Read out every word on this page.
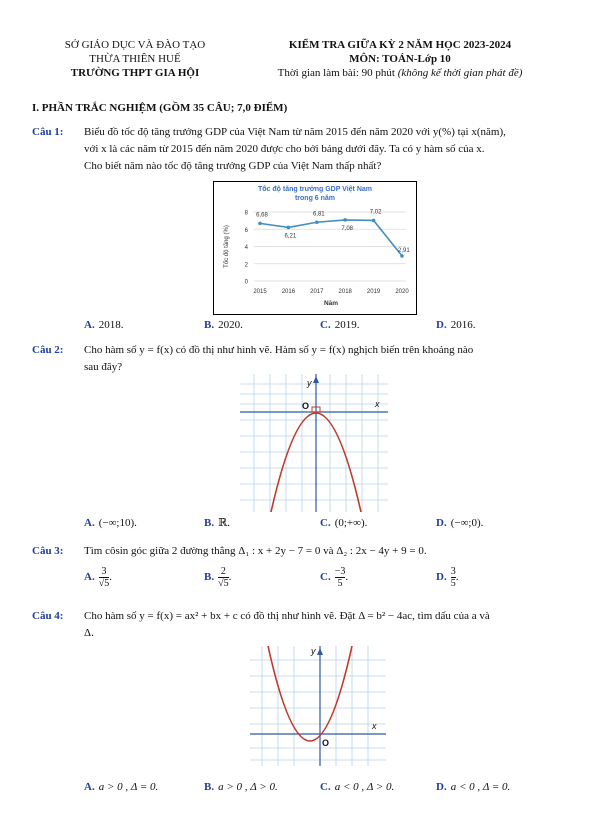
SỞ GIÁO DỤC VÀ ĐÀO TẠO
THỪA THIÊN HUẾ
TRƯỜNG THPT GIA HỘI
KIỂM TRA GIỮA KỲ 2 NĂM HỌC 2023-2024
MÔN: TOÁN-Lớp 10
Thời gian làm bài: 90 phút (không kể thời gian phát đề)
I. PHẦN TRẮC NGHIỆM (GỒM 35 CÂU; 7,0 ĐIỂM)
Câu 1: Biểu đồ tốc độ tăng trưởng GDP của Việt Nam từ năm 2015 đến năm 2020 với y(%) tại x(năm),
với x là các năm từ 2015 đến năm 2020 được cho bởi bảng dưới đây. Ta có y hàm số của x.
Cho biết năm nào tốc độ tăng trưởng GDP của Việt Nam thấp nhất?
Tốc độ tăng trưởng GDP Việt Nam
trong 6 năm
0
2
4
6
8
2015	2016	2017	2018	2019	2020
Năm
Tốc độ tăng (%)
6,68
6,21
6,81
7,08
7,02
2,91
A. 2018.	B. 2020.	C. 2019.	D. 2016.
Câu 2: Cho hàm số y = f(x) có đồ thị như hình vẽ. Hàm số y = f(x) nghịch biến trên khoảng nào
sau đây?
y
x
O
A. (−∞;10).	B. ℝ.	C. (0;+∞).	D. (−∞;0).
Câu 3: Tìm côsin góc giữa 2 đường thẳng Δ₁ : x + 2y − 7 = 0 và Δ₂ : 2x − 4y + 9 = 0.
A. $\frac{3}{√5}$ .	B. $\frac{2}{√5}$ .	C. $\frac{-3}{5}$ .	D. $\frac{3}{5}$ .
Câu 4: Cho hàm số y = f(x) = ax² + bx + c có đồ thị như hình vẽ. Đặt Δ = b² − 4ac, tìm dấu của a và
Δ.
y
x
O
A. a > 0 , Δ = 0.	B. a > 0 , Δ > 0.	C. a < 0 , Δ > 0.	D. a < 0 , Δ = 0.
